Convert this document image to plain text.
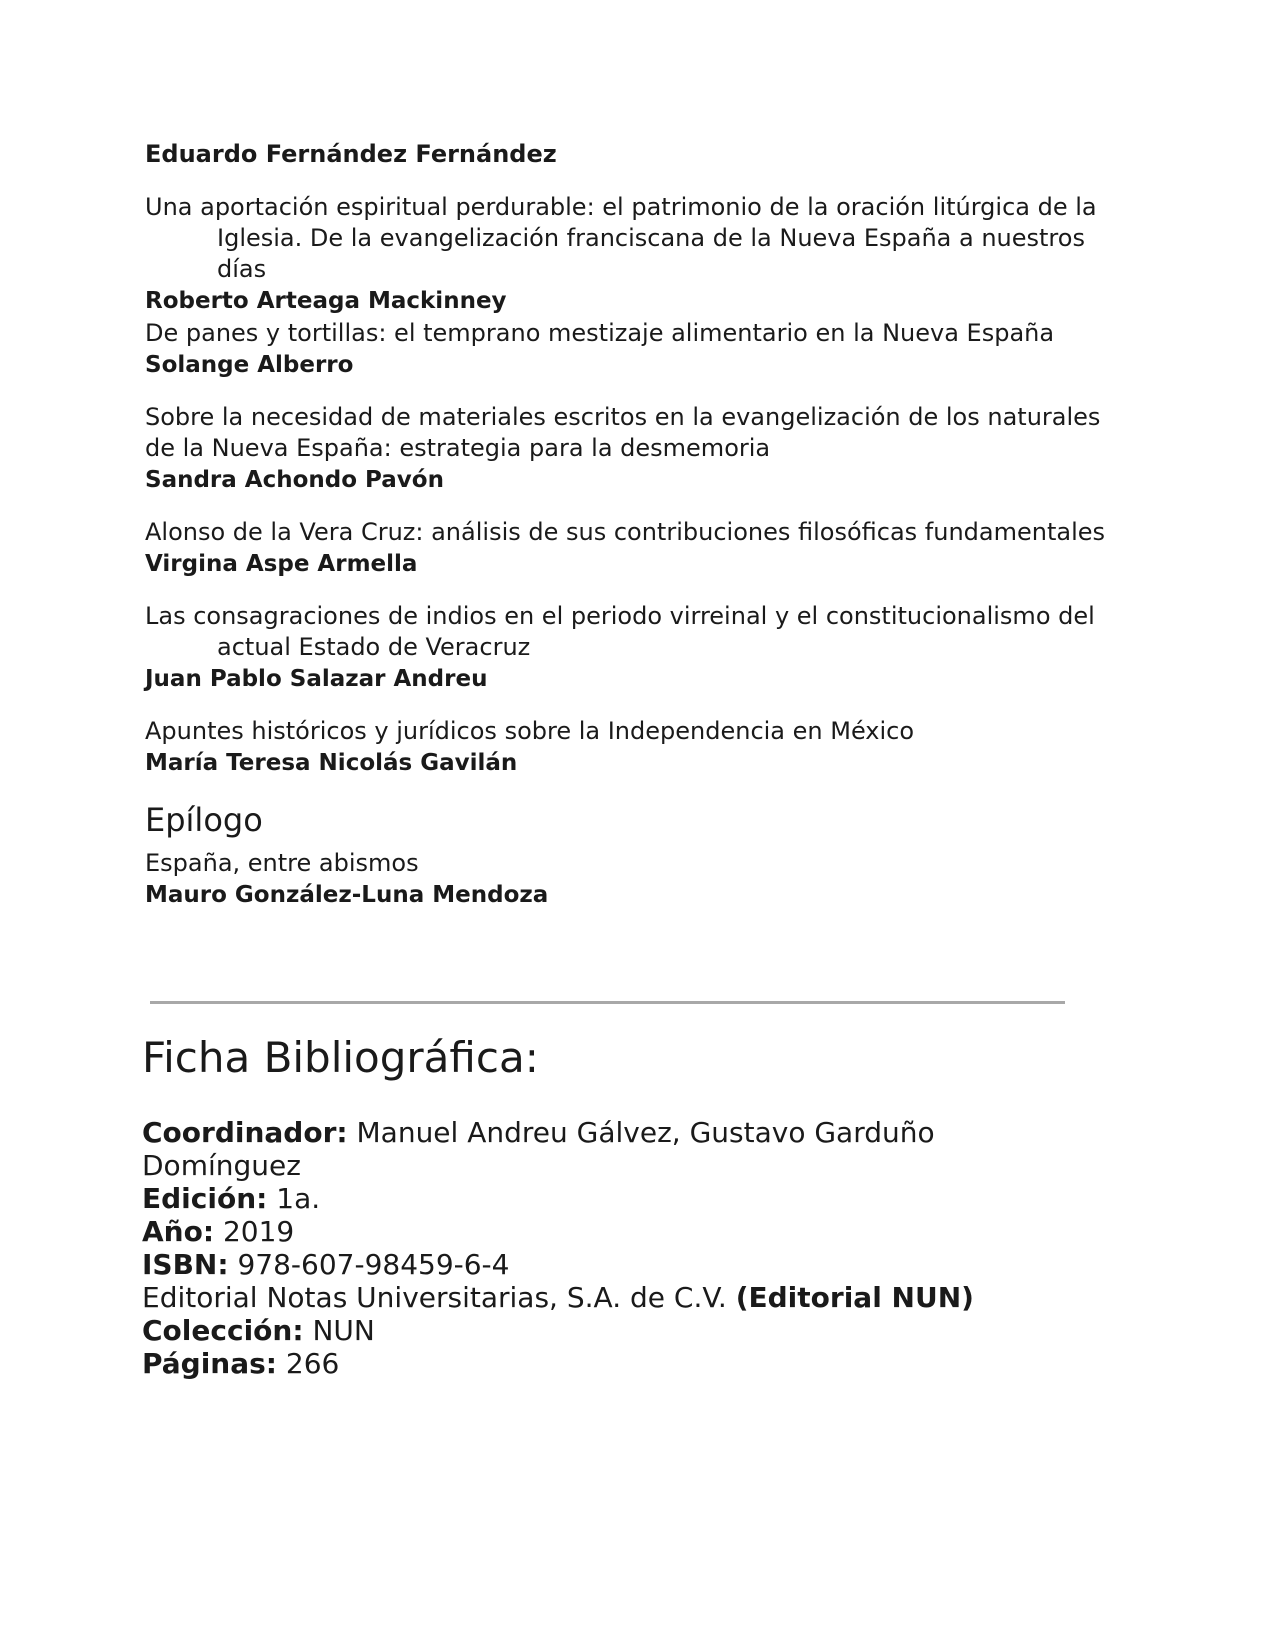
Eduardo Fernández Fernández
Una aportación espiritual perdurable: el patrimonio de la oración litúrgica de la Iglesia. De la evangelización franciscana de la Nueva España a nuestros días
Roberto Arteaga Mackinney
De panes y tortillas: el temprano mestizaje alimentario en la Nueva España
Solange Alberro
Sobre la necesidad de materiales escritos en la evangelización de los naturales de la Nueva España: estrategia para la desmemoria
Sandra Achondo Pavón
Alonso de la Vera Cruz: análisis de sus contribuciones filosóficas fundamentales
Virgina Aspe Armella
Las consagraciones de indios en el periodo virreinal y el constitucionalismo del actual Estado de Veracruz
Juan Pablo Salazar Andreu
Apuntes históricos y jurídicos sobre la Independencia en México
María Teresa Nicolás Gavilán
Epílogo
España, entre abismos
Mauro González-Luna Mendoza
Ficha Bibliográfica:
Coordinador: Manuel Andreu Gálvez, Gustavo Garduño Domínguez
Edición: 1a.
Año: 2019
ISBN: 978-607-98459-6-4
Editorial Notas Universitarias, S.A. de C.V. (Editorial NUN)
Colección: NUN
Páginas: 266
